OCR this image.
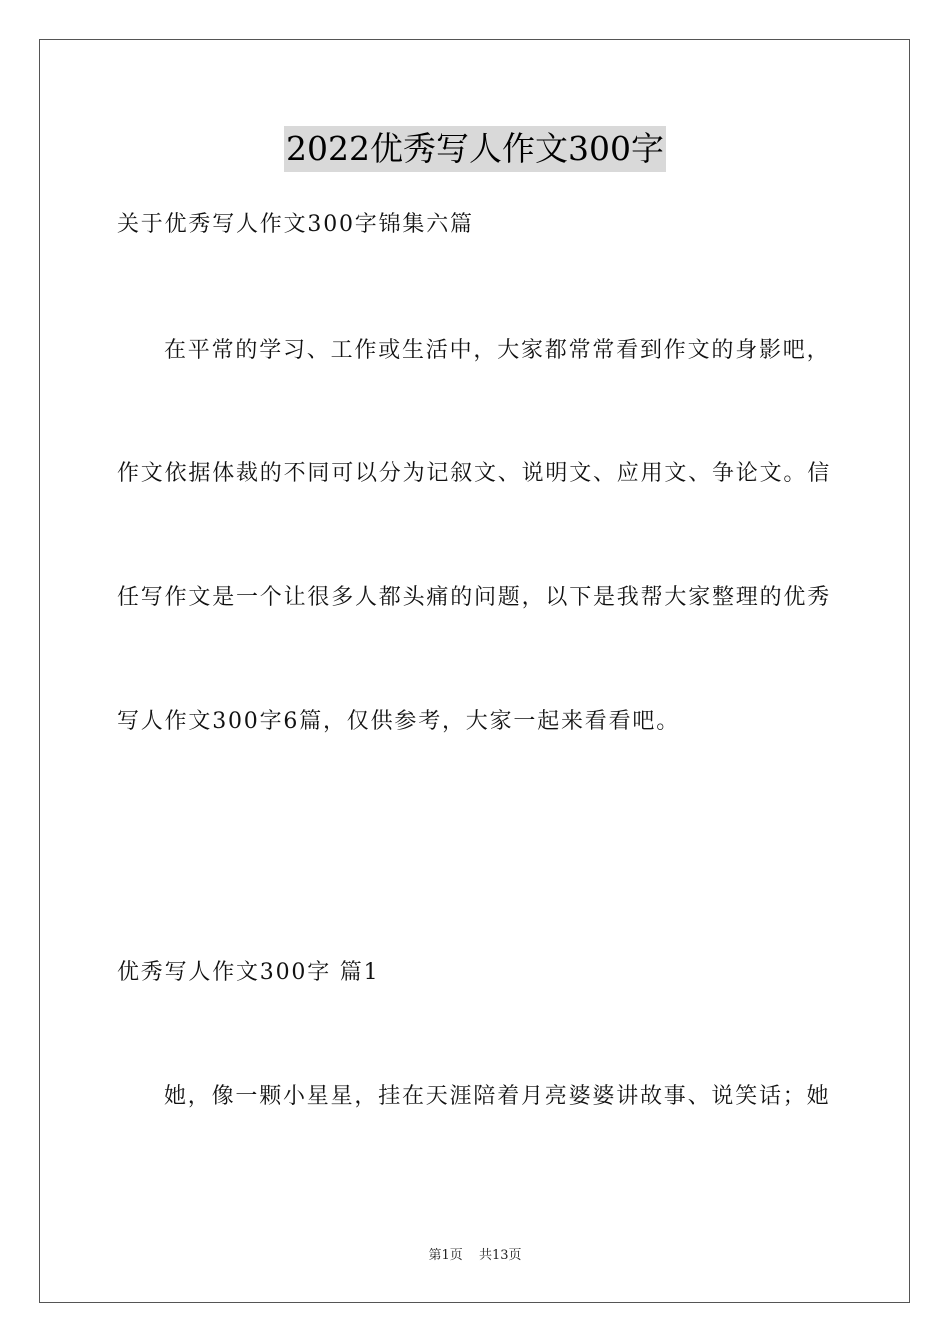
2022优秀写人作文300字
关于优秀写人作文300字锦集六篇
在平常的学习、工作或生活中，大家都常常看到作文的身影吧，
作文依据体裁的不同可以分为记叙文、说明文、应用文、争论文。信
任写作文是一个让很多人都头痛的问题，以下是我帮大家整理的优秀
写人作文300字6篇，仅供参考，大家一起来看看吧。
优秀写人作文300字 篇1
她，像一颗小星星，挂在天涯陪着月亮婆婆讲故事、说笑话；她
第1页 共13页
